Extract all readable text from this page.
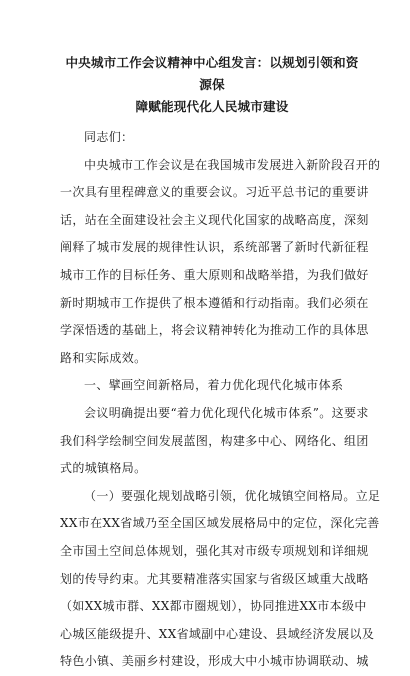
中央城市工作会议精神中心组发言：以规划引领和资源保
障赋能现代化人民城市建设
同志们：
中央城市工作会议是在我国城市发展进入新阶段召开的
一次具有里程碑意义的重要会议。习近平总书记的重要讲
话，站在全面建设社会主义现代化国家的战略高度，深刻
阐释了城市发展的规律性认识，系统部署了新时代新征程
城市工作的目标任务、重大原则和战略举措，为我们做好
新时期城市工作提供了根本遵循和行动指南。我们必须在
学深悟透的基础上，将会议精神转化为推动工作的具体思
路和实际成效。
一、擘画空间新格局，着力优化现代化城市体系
会议明确提出要“着力优化现代化城市体系”。这要求
我们科学绘制空间发展蓝图，构建多中心、网络化、组团
式的城镇格局。
（一）要强化规划战略引领，优化城镇空间格局。立足
XX市在XX省域乃至全国区域发展格局中的定位，深化完善
全市国土空间总体规划，强化其对市级专项规划和详细规
划的传导约束。尤其要精准落实国家与省级区域重大战略
（如XX城市群、XX都市圈规划），协同推进XX市本级中
心城区能级提升、XX省域副中心建设、县域经济发展以及
特色小镇、美丽乡村建设，形成大中小城市协调联动、城
